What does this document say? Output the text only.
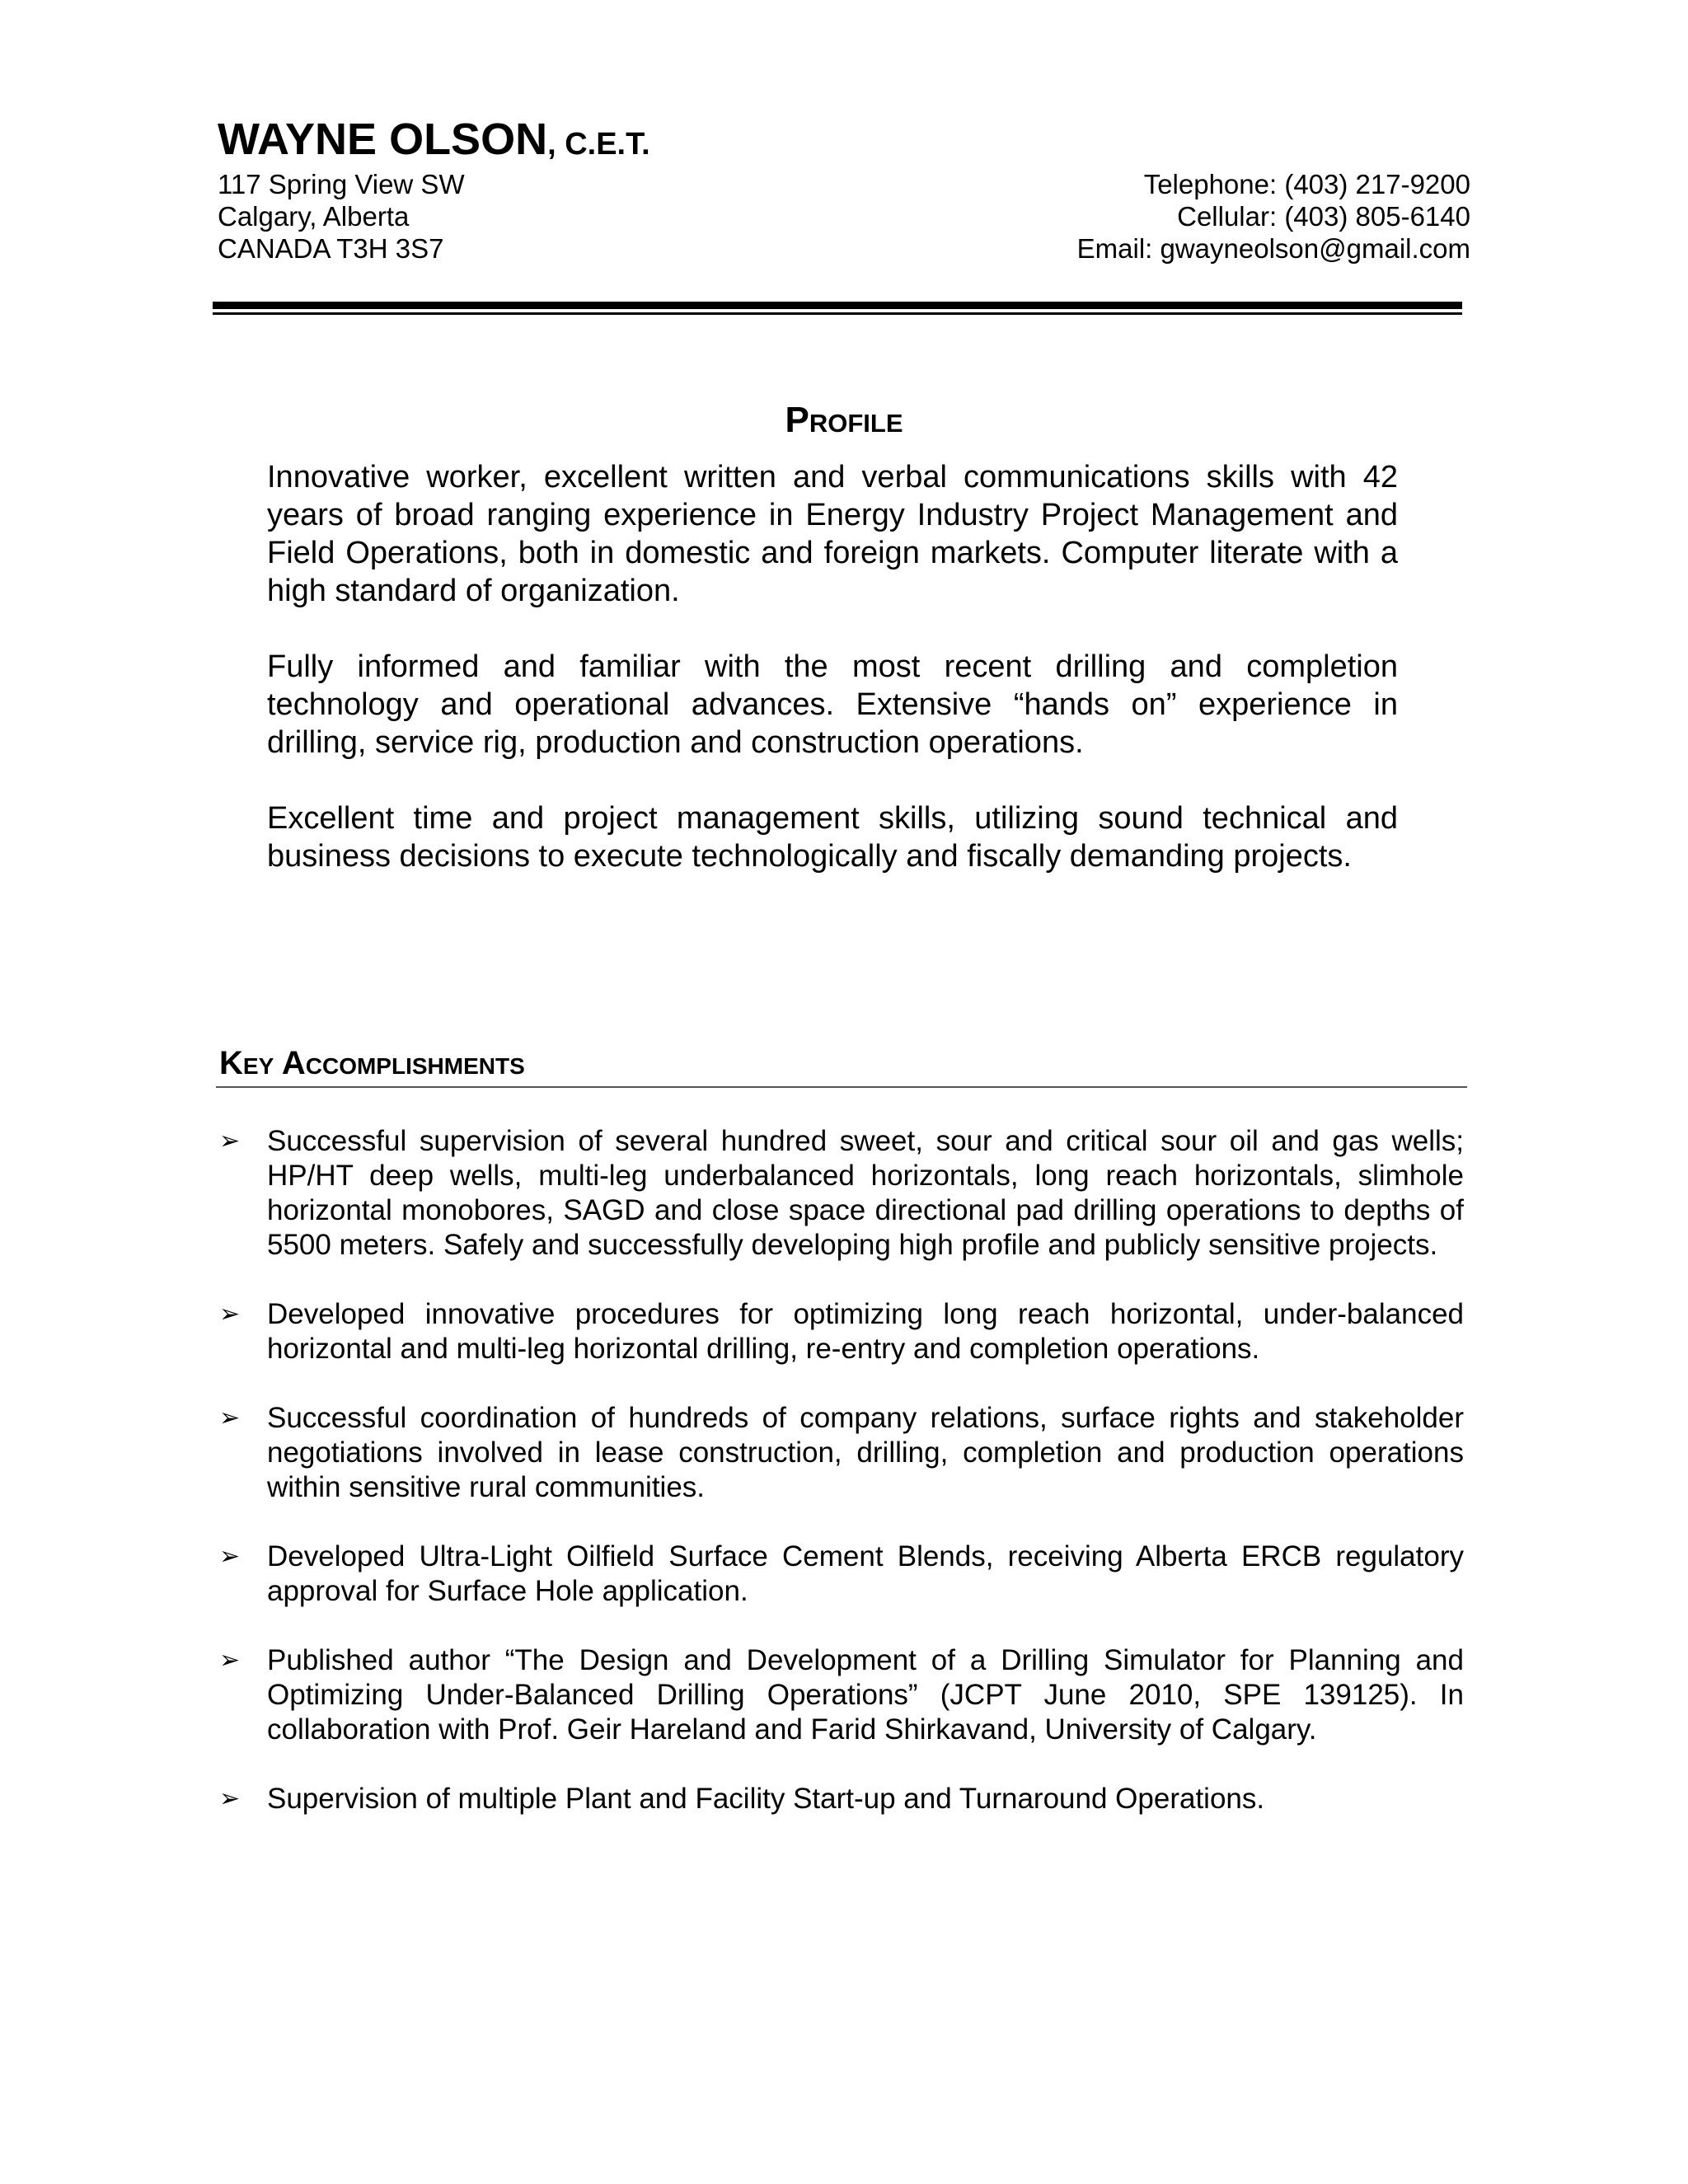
WAYNE OLSON, C.E.T.
117 Spring View SW
Calgary, Alberta
CANADA T3H 3S7
Telephone: (403) 217-9200
Cellular: (403) 805-6140
Email: gwayneolson@gmail.com
Profile

Innovative worker, excellent written and verbal communications skills with 42 years of broad ranging experience in Energy Industry Project Management and Field Operations, both in domestic and foreign markets. Computer literate with a high standard of organization.

Fully informed and familiar with the most recent drilling and completion technology and operational advances. Extensive “hands on” experience in drilling, service rig, production and construction operations.

Excellent time and project management skills, utilizing sound technical and business decisions to execute technologically and fiscally demanding projects.

Key Accomplishments
➢ Successful supervision of several hundred sweet, sour and critical sour oil and gas wells; HP/HT deep wells, multi-leg underbalanced horizontals, long reach horizontals, slimhole horizontal monobores, SAGD and close space directional pad drilling operations to depths of 5500 meters. Safely and successfully developing high profile and publicly sensitive projects.
➢ Developed innovative procedures for optimizing long reach horizontal, under-balanced horizontal and multi-leg horizontal drilling, re-entry and completion operations.
➢ Successful coordination of hundreds of company relations, surface rights and stakeholder negotiations involved in lease construction, drilling, completion and production operations within sensitive rural communities.
➢ Developed Ultra-Light Oilfield Surface Cement Blends, receiving Alberta ERCB regulatory approval for Surface Hole application.
➢ Published author “The Design and Development of a Drilling Simulator for Planning and Optimizing Under-Balanced Drilling Operations” (JCPT June 2010, SPE 139125). In collaboration with Prof. Geir Hareland and Farid Shirkavand, University of Calgary.
➢ Supervision of multiple Plant and Facility Start-up and Turnaround Operations.
